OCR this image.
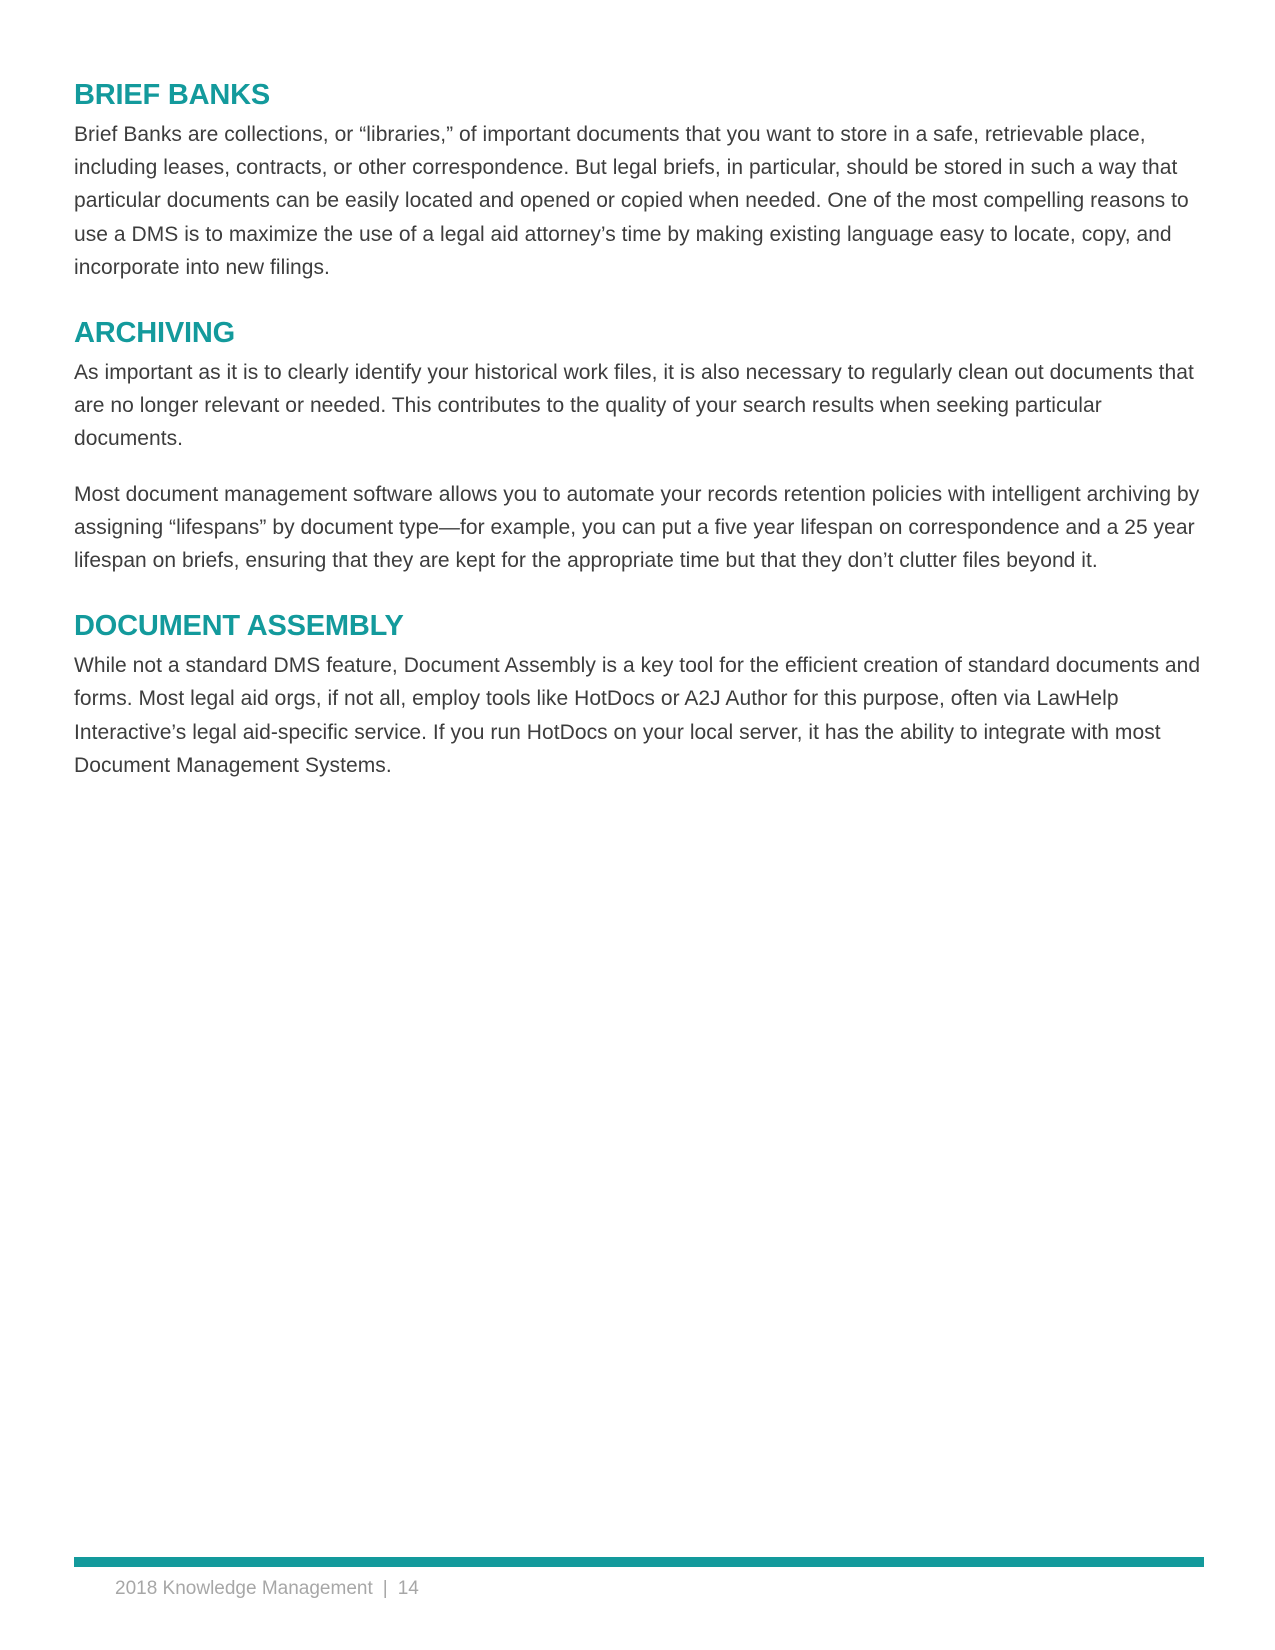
BRIEF BANKS

Brief Banks are collections, or “libraries,” of important documents that you want to store in a safe, retrievable place, including leases, contracts, or other correspondence. But legal briefs, in particular, should be stored in such a way that particular documents can be easily located and opened or copied when needed. One of the most compelling reasons to use a DMS is to maximize the use of a legal aid attorney’s time by making existing language easy to locate, copy, and incorporate into new filings.

ARCHIVING

As important as it is to clearly identify your historical work files, it is also necessary to regularly clean out documents that are no longer relevant or needed. This contributes to the quality of your search results when seeking particular documents.

Most document management software allows you to automate your records retention policies with intelligent archiving by assigning “lifespans” by document type—for example, you can put a five year lifespan on correspondence and a 25 year lifespan on briefs, ensuring that they are kept for the appropriate time but that they don’t clutter files beyond it.

DOCUMENT ASSEMBLY

While not a standard DMS feature, Document Assembly is a key tool for the efficient creation of standard documents and forms. Most legal aid orgs, if not all, employ tools like HotDocs or A2J Author for this purpose, often via LawHelp Interactive’s legal aid-specific service. If you run HotDocs on your local server, it has the ability to integrate with most Document Management Systems.

2018 Knowledge Management | 14
